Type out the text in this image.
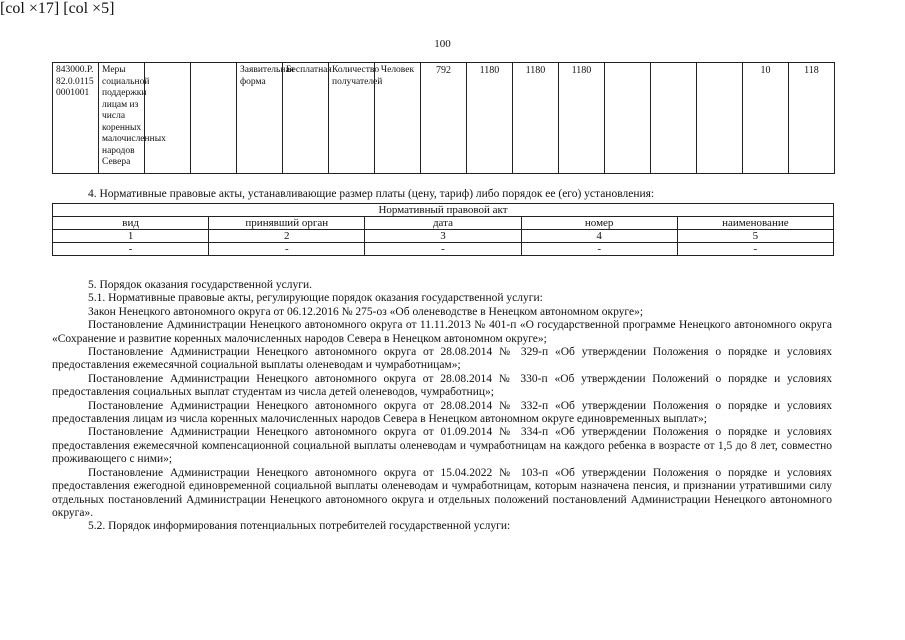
100
[col ×17]
843000.Р.82.0.01150001001	Меры социальной поддержки лицам из числа коренных малочисленных народов Севера			Заявительная форма	Бесплатная	Количество получателей	Человек	792	1180	1180	1180				10	118
4. Нормативные правовые акты, устанавливающие размер платы (цену, тариф) либо порядок ее (его) установления:
[col ×5]
Нормативный правовой акт				
вид	принявший орган	дата	номер	наименование
1	2	3	4	5
-	-	-	-	-

5. Порядок оказания государственной услуги.

5.1. Нормативные правовые акты, регулирующие порядок оказания государственной услуги:

Закон Ненецкого автономного округа от 06.12.2016 № 275-оз «Об оленеводстве в Ненецком автономном округе»;

Постановление Администрации Ненецкого автономного округа от 11.11.2013 № 401-п «О государственной программе Ненецкого автономного округа «Сохранение и развитие коренных малочисленных народов Севера в Ненецком автономном округе»;

Постановление Администрации Ненецкого автономного округа от 28.08.2014 № 329-п «Об утверждении Положения о порядке и условиях предоставления ежемесячной социальной выплаты оленеводам и чумработницам»;

Постановление Администрации Ненецкого автономного округа от 28.08.2014 № 330-п «Об утверждении Положений о порядке и условиях предоставления социальных выплат студентам из числа детей оленеводов, чумработниц»;

Постановление Администрации Ненецкого автономного округа от 28.08.2014 № 332-п «Об утверждении Положения о порядке и условиях предоставления лицам из числа коренных малочисленных народов Севера в Ненецком автономном округе единовременных выплат»;

Постановление Администрации Ненецкого автономного округа от 01.09.2014 № 334-п «Об утверждении Положения о порядке и условиях предоставления ежемесячной компенсационной социальной выплаты оленеводам и чумработницам на каждого ребенка в возрасте от 1,5 до 8 лет, совместно проживающего с ними»;

Постановление Администрации Ненецкого автономного округа от 15.04.2022 № 103-п «Об утверждении Положения о порядке и условиях предоставления ежегодной единовременной социальной выплаты оленеводам и чумработницам, которым назначена пенсия, и признании утратившими силу отдельных постановлений Администрации Ненецкого автономного округа и отдельных положений постановлений Администрации Ненецкого автономного округа».

5.2. Порядок информирования потенциальных потребителей государственной услуги:
